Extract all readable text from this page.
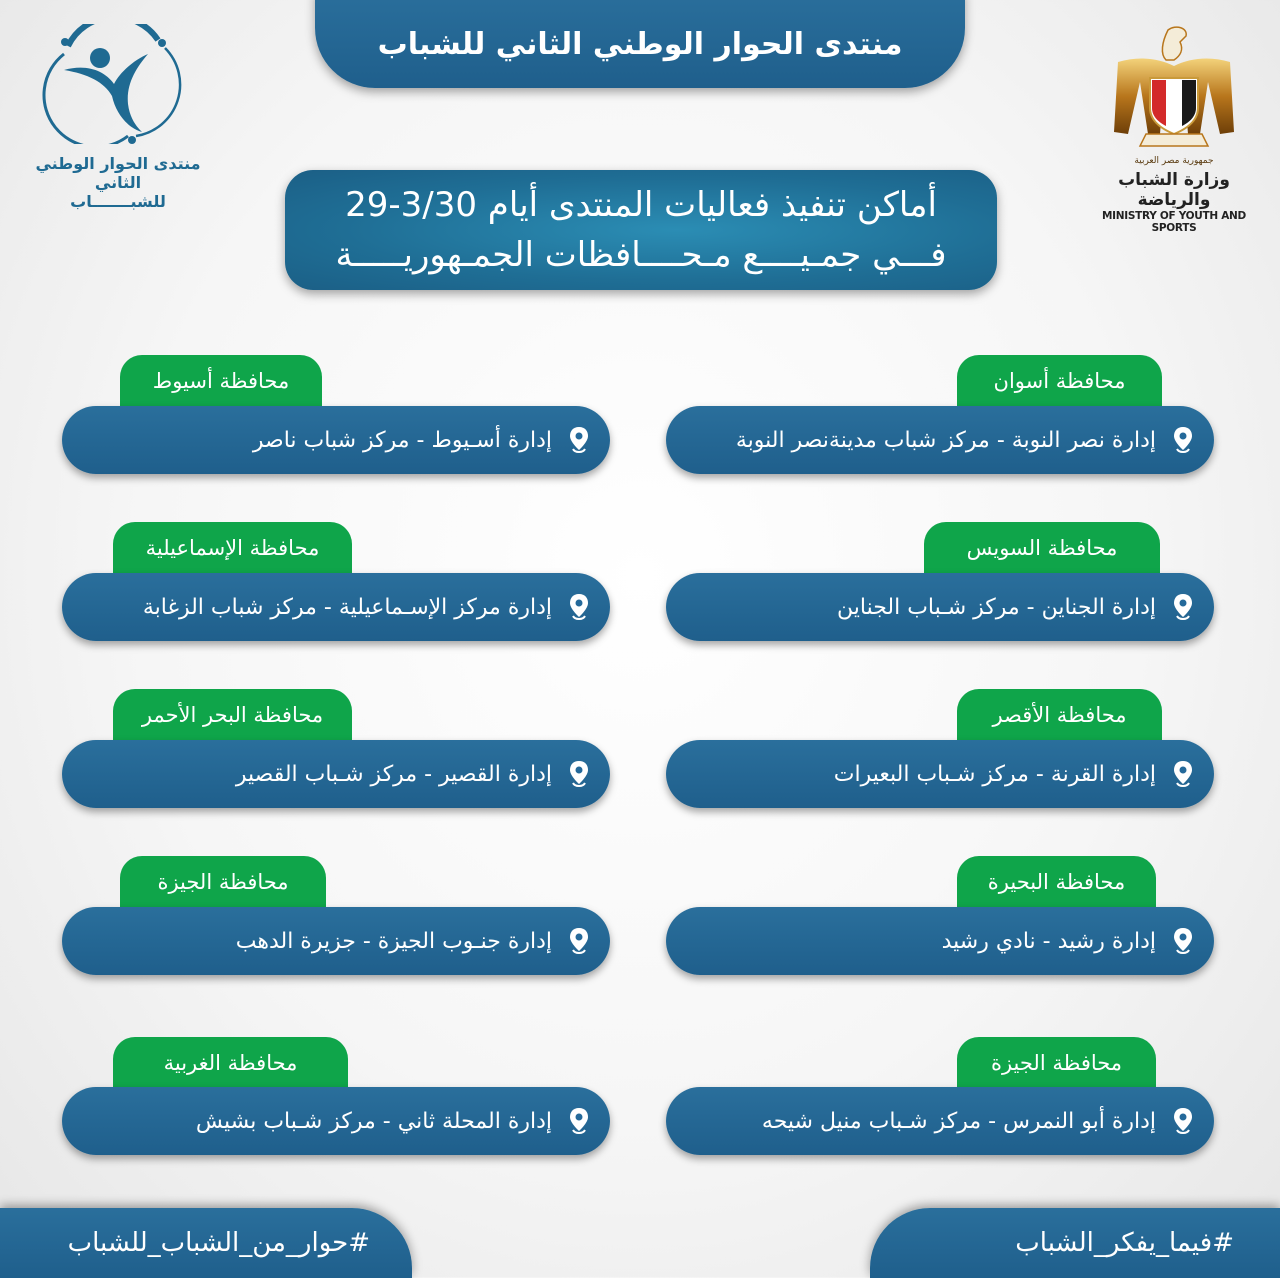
منتدى الحوار الوطني الثاني للشباب
منتدى الحوار الوطني الثاني
للشبـــــــاب
جمهورية مصر العربية
وزارة الشباب والرياضة
MINISTRY OF YOUTH AND SPORTS
أماكن تنفيذ فعاليات المنتدى أيام 3/30-29
فـــي جمـيــــع مـحــــافظات الجمـهوريـــــة
محافظة أسوان
إدارة نصر النوبة - مركز شباب مدينةنصر النوبة
محافظة أسيوط
إدارة أسـيوط - مركز شباب ناصر
محافظة السويس
إدارة الجناين - مركز شـباب الجناين
محافظة الإسماعيلية
إدارة مركز الإسـماعيلية - مركز شباب الزغابة
محافظة الأقصر
إدارة القرنة - مركز شـباب البعيرات
محافظة البحر الأحمر
إدارة القصير - مركز شـباب القصير
محافظة البحيرة
إدارة رشيد - نادي رشيد
محافظة الجيزة
إدارة جنـوب الجيزة - جزيرة الدهب
محافظة الجيزة
إدارة أبو النمرس - مركز شـباب منيل شيحه
محافظة الغربية
إدارة المحلة ثاني - مركز شـباب بشيش
#حوار_من_الشباب_للشباب	#فيما_يفكر_الشباب
